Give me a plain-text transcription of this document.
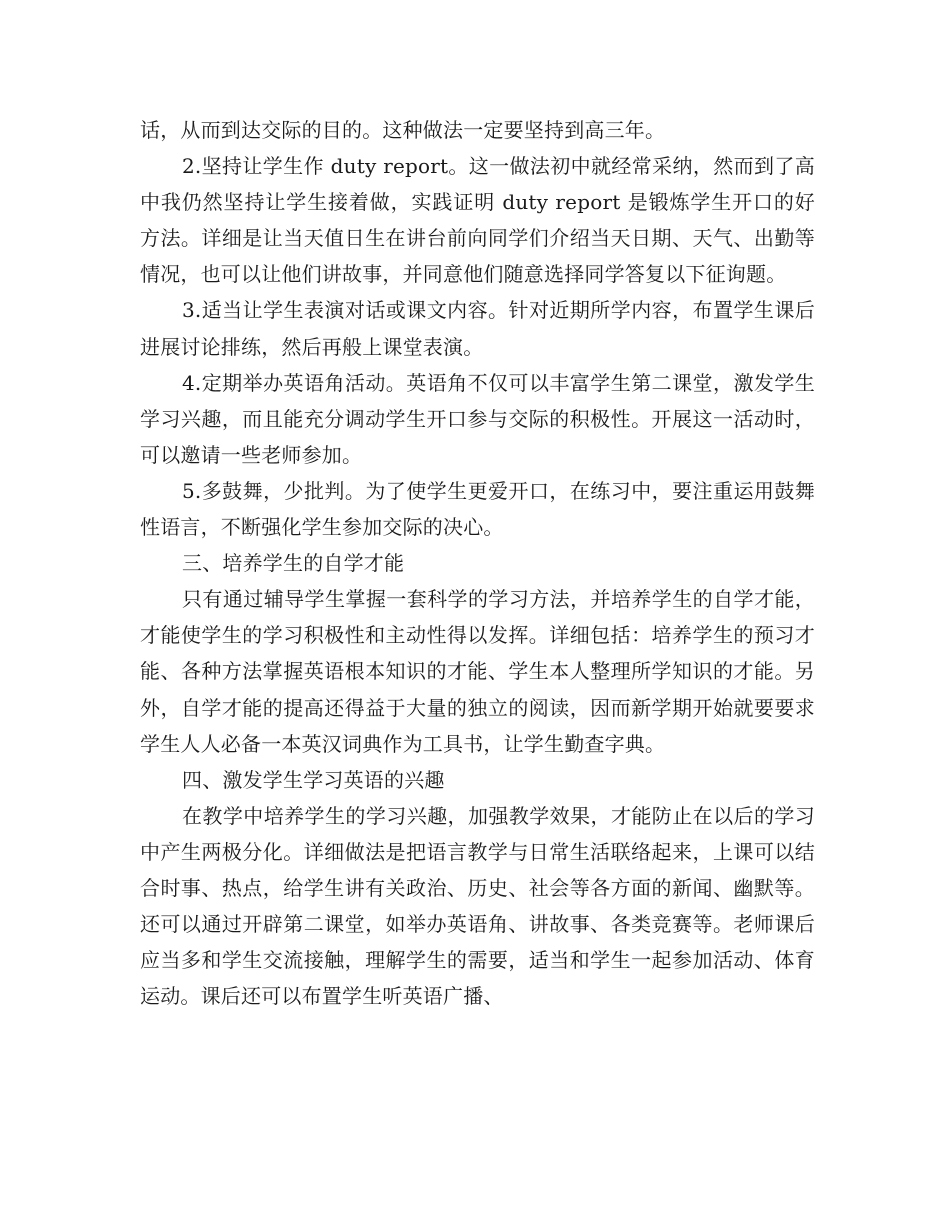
话，从而到达交际的目的。这种做法一定要坚持到高三年。

2.坚持让学生作 duty report。这一做法初中就经常采纳，然而到了高中我仍然坚持让学生接着做，实践证明 duty report 是锻炼学生开口的好方法。详细是让当天值日生在讲台前向同学们介绍当天日期、天气、出勤等情况，也可以让他们讲故事，并同意他们随意选择同学答复以下征询题。

3.适当让学生表演对话或课文内容。针对近期所学内容，布置学生课后进展讨论排练，然后再般上课堂表演。

4.定期举办英语角活动。英语角不仅可以丰富学生第二课堂，激发学生学习兴趣，而且能充分调动学生开口参与交际的积极性。开展这一活动时，可以邀请一些老师参加。

5.多鼓舞，少批判。为了使学生更爱开口，在练习中，要注重运用鼓舞性语言，不断强化学生参加交际的决心。

三、培养学生的自学才能

只有通过辅导学生掌握一套科学的学习方法，并培养学生的自学才能，才能使学生的学习积极性和主动性得以发挥。详细包括：培养学生的预习才能、各种方法掌握英语根本知识的才能、学生本人整理所学知识的才能。另外，自学才能的提高还得益于大量的独立的阅读，因而新学期开始就要要求学生人人必备一本英汉词典作为工具书，让学生勤查字典。

四、激发学生学习英语的兴趣

在教学中培养学生的学习兴趣，加强教学效果，才能防止在以后的学习中产生两极分化。详细做法是把语言教学与日常生活联络起来，上课可以结合时事、热点，给学生讲有关政治、历史、社会等各方面的新闻、幽默等。还可以通过开辟第二课堂，如举办英语角、讲故事、各类竞赛等。老师课后应当多和学生交流接触，理解学生的需要，适当和学生一起参加活动、体育运动。课后还可以布置学生听英语广播、
